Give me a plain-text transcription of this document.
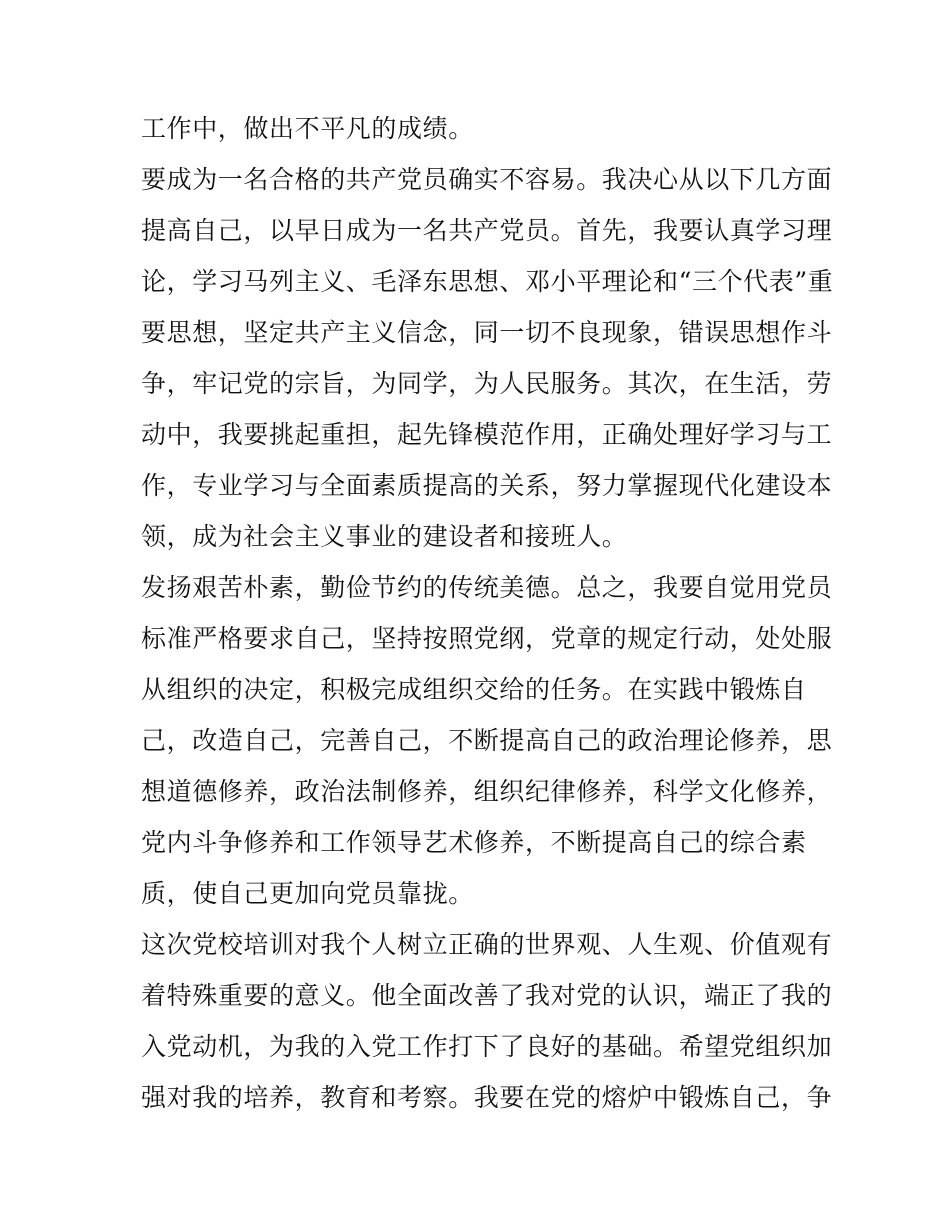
工作中，做出不平凡的成绩。
要成为一名合格的共产党员确实不容易。我决心从以下几方面
提高自己，以早日成为一名共产党员。首先，我要认真学习理
论，学习马列主义、毛泽东思想、邓小平理论和“三个代表”重
要思想，坚定共产主义信念，同一切不良现象，错误思想作斗
争，牢记党的宗旨，为同学，为人民服务。其次，在生活，劳
动中，我要挑起重担，起先锋模范作用，正确处理好学习与工
作，专业学习与全面素质提高的关系，努力掌握现代化建设本
领，成为社会主义事业的建设者和接班人。
发扬艰苦朴素，勤俭节约的传统美德。总之，我要自觉用党员
标准严格要求自己，坚持按照党纲，党章的规定行动，处处服
从组织的决定，积极完成组织交给的任务。在实践中锻炼自
己，改造自己，完善自己，不断提高自己的政治理论修养，思
想道德修养，政治法制修养，组织纪律修养，科学文化修养，
党内斗争修养和工作领导艺术修养，不断提高自己的综合素
质，使自己更加向党员靠拢。
这次党校培训对我个人树立正确的世界观、人生观、价值观有
着特殊重要的意义。他全面改善了我对党的认识，端正了我的
入党动机，为我的入党工作打下了良好的基础。希望党组织加
强对我的培养，教育和考察。我要在党的熔炉中锻炼自己，争
